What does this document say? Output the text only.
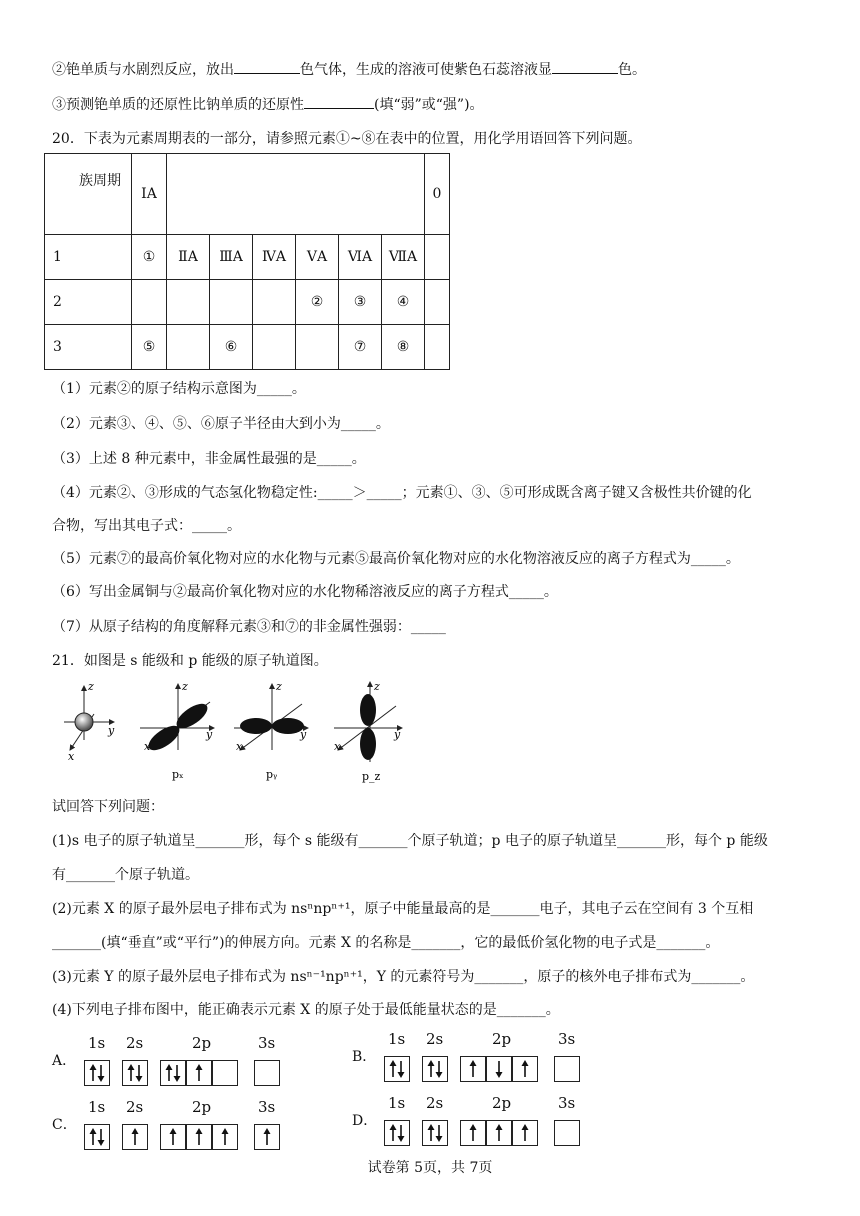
②铯单质与水剧烈反应，放出	色气体，生成的溶液可使紫色石蕊溶液显	色。
③预测铯单质的还原性比钠单质的还原性	(填“弱”或“强”)。
20．下表为元素周期表的一部分，请参照元素①~⑧在表中的位置，用化学用语回答下列问题。
族周期	IA							0
1	①	ⅡA	ⅢA	ⅣA	ⅤA	ⅥA	ⅦA	
2					②	③	④	
3	⑤		⑥			⑦	⑧	
（1）元素②的原子结构示意图为_____。
（2）元素③、④、⑤、⑥原子半径由大到小为_____。
（3）上述 8 种元素中，非金属性最强的是_____。
（4）元素②、③形成的气态氢化物稳定性:_____＞_____；元素①、③、⑤可形成既含离子键又含极性共价键的化
合物，写出其电子式：_____。
（5）元素⑦的最高价氧化物对应的水化物与元素⑤最高价氧化物对应的水化物溶液反应的离子方程式为_____。
（6）写出金属铜与②最高价氧化物对应的水化物稀溶液反应的离子方程式_____。
（7）从原子结构的角度解释元素③和⑦的非金属性强弱：_____
21．如图是 s 能级和 p 能级的原子轨道图。
z
y
x
z
y
x
pₓ
z
y
x
pᵧ
z
y
x
p_z
试回答下列问题：
(1)s 电子的原子轨道呈_______形，每个 s 能级有_______个原子轨道；p 电子的原子轨道呈_______形，每个 p 能级
有_______个原子轨道。
(2)元素 X 的原子最外层电子排布式为 nsⁿnpⁿ⁺¹，原子中能量最高的是_______电子，其电子云在空间有 3 个互相
_______(填“垂直”或“平行”)的伸展方向。元素 X 的名称是_______，它的最低价氢化物的电子式是_______。
(3)元素 Y 的原子最外层电子排布式为 nsⁿ⁻¹npⁿ⁺¹，Y 的元素符号为_______，原子的核外电子排布式为_______。
(4)下列电子排布图中，能正确表示元素 X 的原子处于最低能量状态的是_______。
A．
1s 2s	2p	3s
B．
1s 2s	2p	3s
C．
1s 2s	2p	3s
D．
1s 2s	2p	3s
试卷第 5页，共 7页
